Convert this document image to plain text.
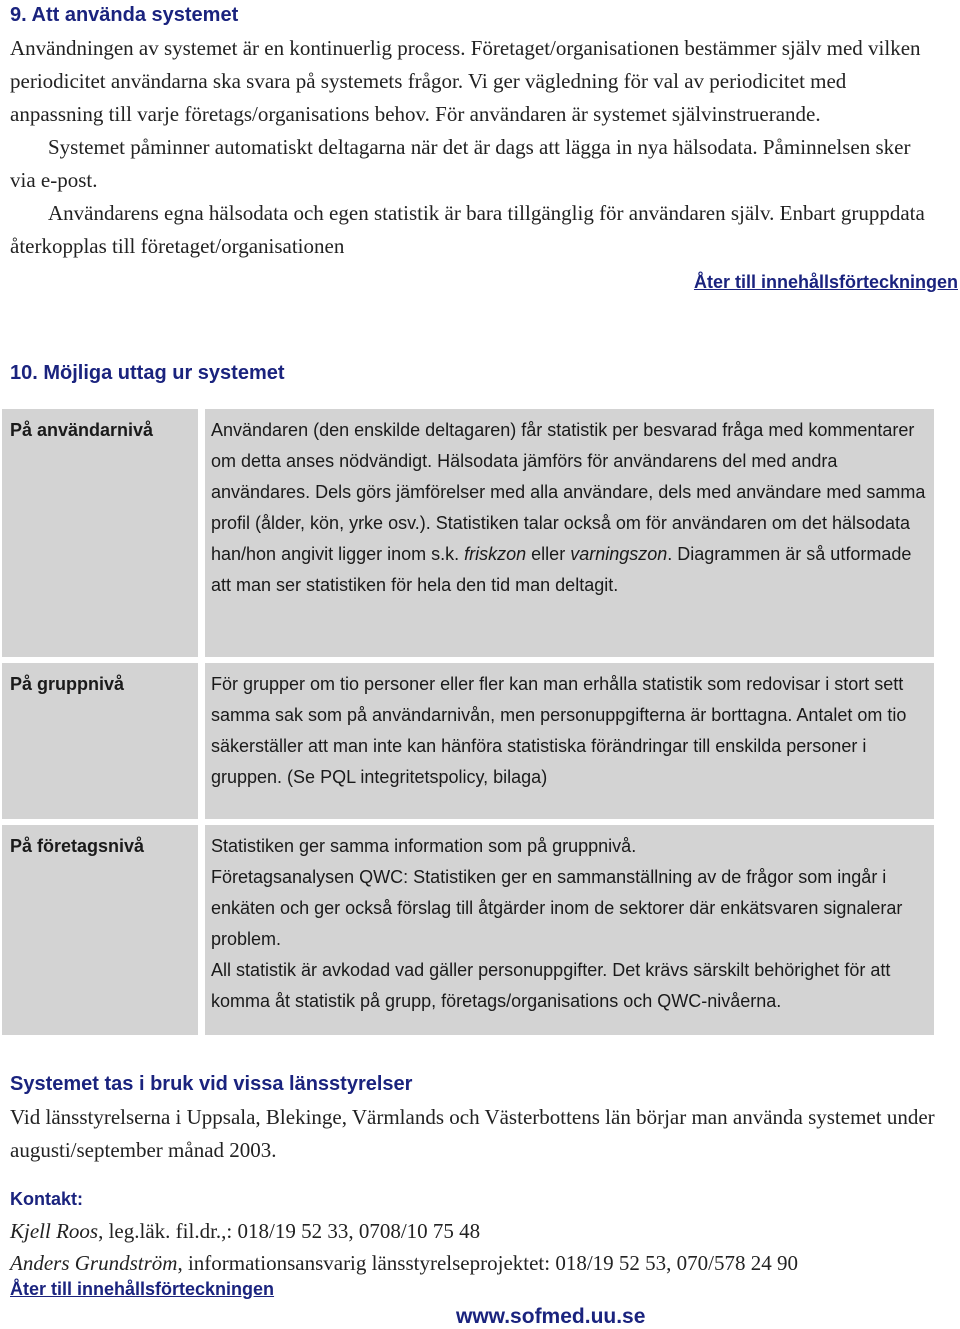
9. Att använda systemet

Användningen av systemet är en kontinuerlig process. Företaget/organisationen bestämmer själv med vilken periodicitet användarna ska svara på systemets frågor. Vi ger vägledning för val av periodicitet med anpassning till varje företags/organisations behov. För användaren är systemet självinstruerande.

Systemet påminner automatiskt deltagarna när det är dags att lägga in nya hälsodata. Påminnelsen sker via e-post.

Användarens egna hälsodata och egen statistik är bara tillgänglig för användaren själv. Enbart gruppdata återkopplas till företaget/organisationen

Åter till innehållsförteckningen
10. Möjliga uttag ur systemet
På användarnivå		Användaren (den enskilde deltagaren) får statistik per besvarad fråga med kommentarer om detta anses nödvändigt. Hälsodata jämförs för användarens del med andra användares. Dels görs jämförelser med alla användare, dels med användare med samma profil (ålder, kön, yrke osv.). Statistiken talar också om för användaren om det hälsodata han/hon angivit ligger inom s.k. friskzon eller varningszon. Diagrammen är så utformade att man ser statistiken för hela den tid man deltagit.

På gruppnivå		För grupper om tio personer eller fler kan man erhålla statistik som redovisar i stort sett samma sak som på användarnivån, men personuppgifterna är borttagna. Antalet om tio säkerställer att man inte kan hänföra statistiska förändringar till enskilda personer i gruppen. (Se PQL integritetspolicy, bilaga)

På företagsnivå		Statistiken ger samma information som på gruppnivå.
Företagsanalysen QWC: Statistiken ger en sammanställning av de frågor som ingår i enkäten och ger också förslag till åtgärder inom de sektorer där enkätsvaren signalerar problem.
All statistik är avkodad vad gäller personuppgifter. Det krävs särskilt behörighet för att komma åt statistik på grupp, företags/organisations och QWC-nivåerna.
Systemet tas i bruk vid vissa länsstyrelser
Vid länsstyrelserna i Uppsala, Blekinge, Värmlands och Västerbottens län börjar man använda systemet under augusti/september månad 2003.
Kontakt:
Kjell Roos, leg.läk. fil.dr.,: 018/19 52 33, 0708/10 75 48
Anders Grundström, informationsansvarig länsstyrelseprojektet: 018/19 52 53, 070/578 24 90
Åter till innehållsförteckningen
www.sofmed.uu.se
